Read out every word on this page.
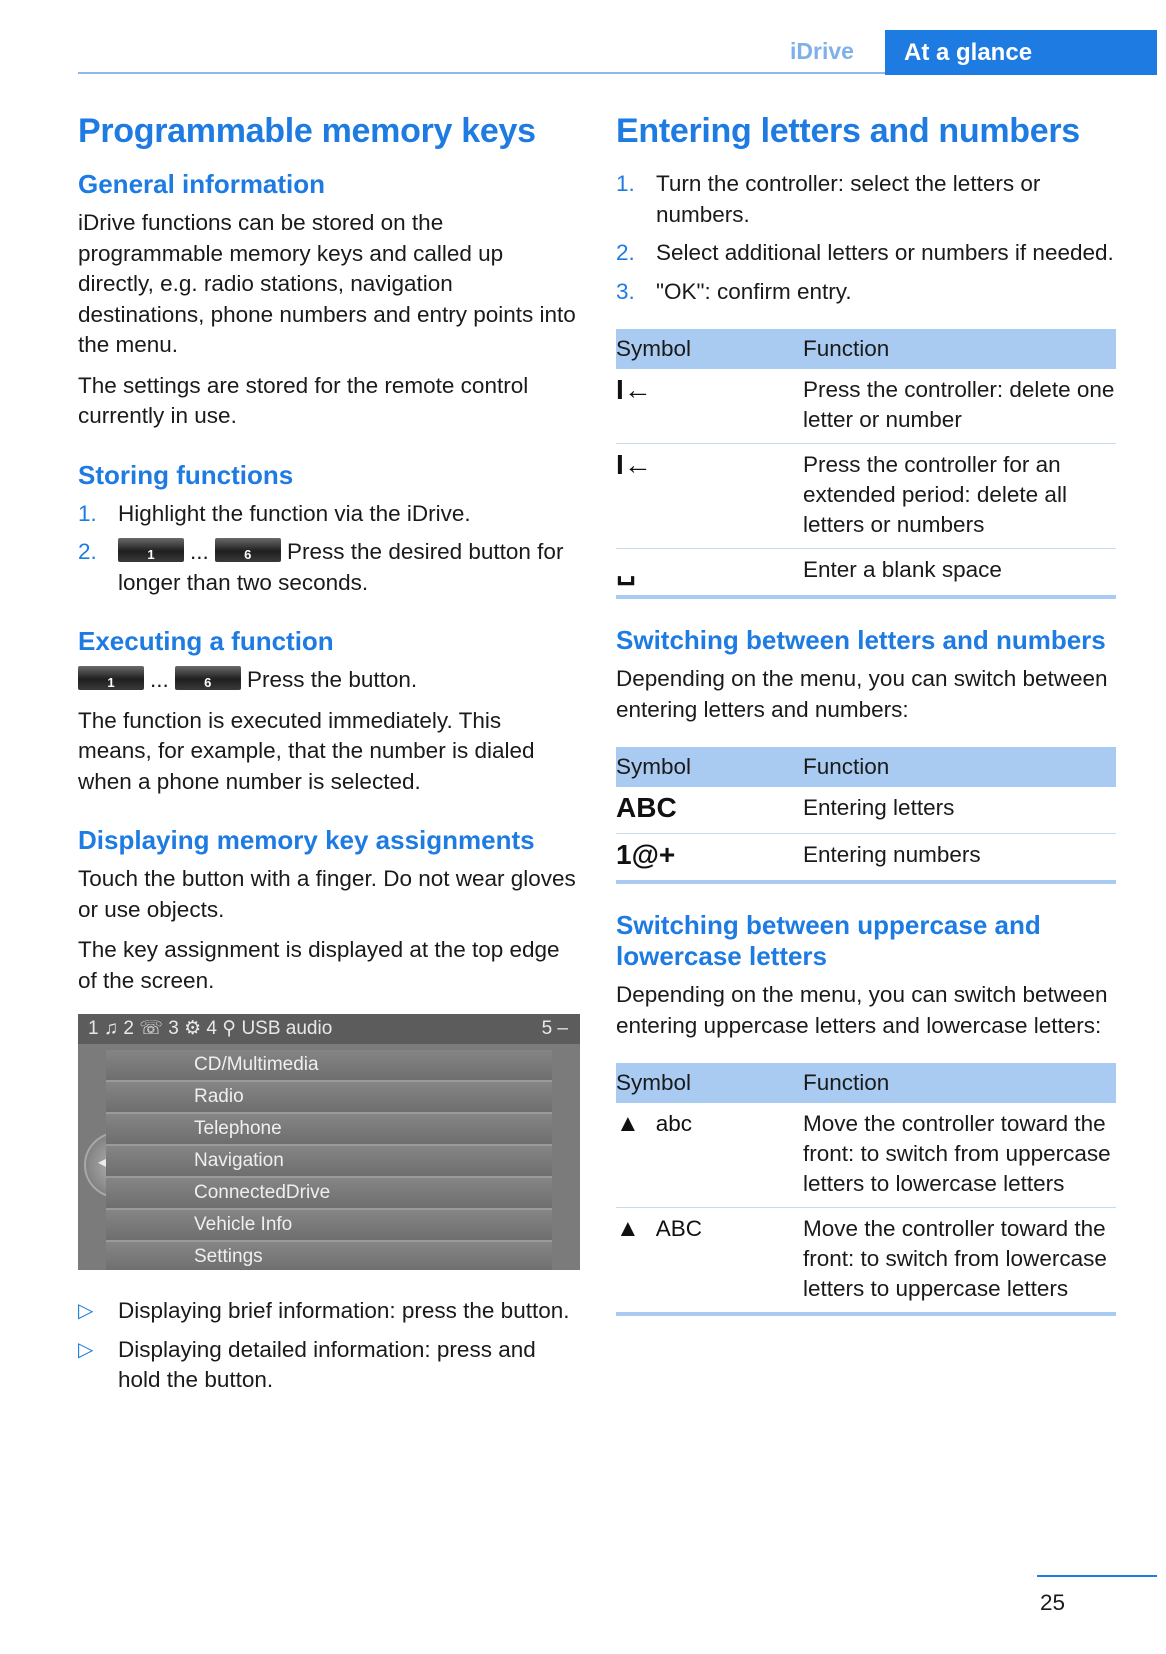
iDrive	At a glance
Programmable memory keys
General information

iDrive functions can be stored on the programmable memory keys and called up directly, e.g. radio stations, navigation destinations, phone numbers and entry points into the menu.

The settings are stored for the remote control currently in use.

Storing functions
1. Highlight the function via the iDrive.
2.	1	...	6	Press the desired button for longer than two seconds.
Executing a function

1	...	6	Press the button.

The function is executed immediately. This means, for example, that the number is dialed when a phone number is selected.

Displaying memory key assignments

Touch the button with a finger. Do not wear gloves or use objects.

The key assignment is displayed at the top edge of the screen.

1 ♫ 2 ☏ 3 ⚙ 4 ⚲ USB audio	5 –
◂ ▸
CD/Multimedia
Radio
Telephone
Navigation
ConnectedDrive
Vehicle Info
Settings
▷ Displaying brief information: press the button.
▷ Displaying detailed information: press and hold the button.
Entering letters and numbers
1. Turn the controller: select the letters or numbers.
2. Select additional letters or numbers if needed.
3. "OK": confirm entry.
Symbol	Function
I←	Press the controller: delete one letter or number
I←	Press the controller for an extended period: delete all letters or numbers
␣	Enter a blank space
Switching between letters and numbers

Depending on the menu, you can switch between entering letters and numbers:

Symbol	Function
ABC	Entering letters
1@+	Entering numbers
Switching between uppercase and lowercase letters

Depending on the menu, you can switch between entering uppercase letters and lowercase letters:

Symbol	Function
▲ abc	Move the controller toward the front: to switch from uppercase letters to lowercase letters
▲ ABC	Move the controller toward the front: to switch from lowercase letters to uppercase letters
25
